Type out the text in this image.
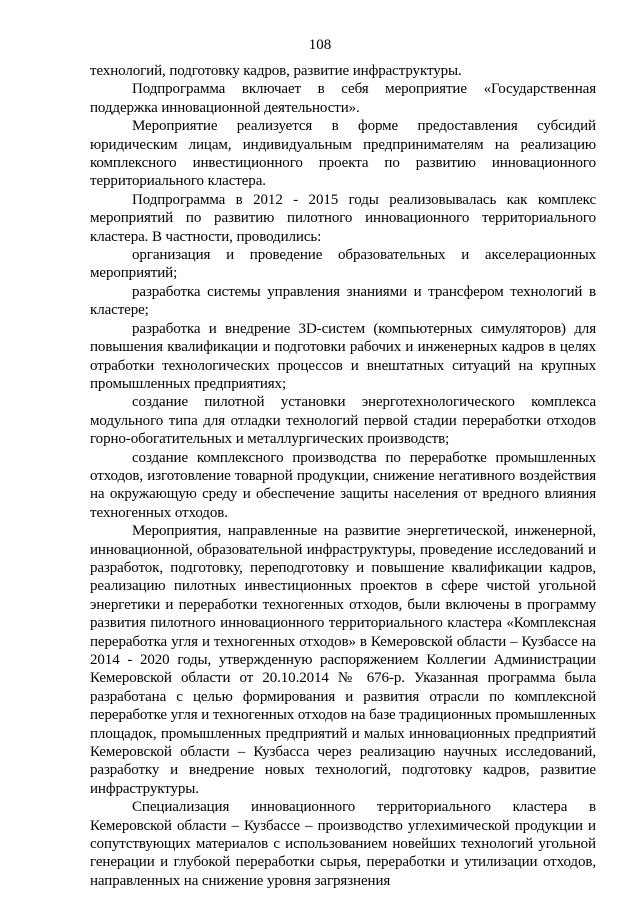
108

технологий, подготовку кадров, развитие инфраструктуры.

Подпрограмма включает в себя мероприятие «Государственная поддержка инновационной деятельности».

Мероприятие реализуется в форме предоставления субсидий юридическим лицам, индивидуальным предпринимателям на реализацию комплексного инвестиционного проекта по развитию инновационного территориального кластера.

Подпрограмма в 2012 - 2015 годы реализовывалась как комплекс мероприятий по развитию пилотного инновационного территориального кластера. В частности, проводились:

организация и проведение образовательных и акселерационных мероприятий;

разработка системы управления знаниями и трансфером технологий в кластере;

разработка и внедрение 3D-систем (компьютерных симуляторов) для повышения квалификации и подготовки рабочих и инженерных кадров в целях отработки технологических процессов и внештатных ситуаций на крупных промышленных предприятиях;

создание пилотной установки энерготехнологического комплекса модульного типа для отладки технологий первой стадии переработки отходов горно-обогатительных и металлургических производств;

создание комплексного производства по переработке промышленных отходов, изготовление товарной продукции, снижение негативного воздействия на окружающую среду и обеспечение защиты населения от вредного влияния техногенных отходов.

Мероприятия, направленные на развитие энергетической, инженерной, инновационной, образовательной инфраструктуры, проведение исследований и разработок, подготовку, переподготовку и повышение квалификации кадров, реализацию пилотных инвестиционных проектов в сфере чистой угольной энергетики и переработки техногенных отходов, были включены в программу развития пилотного инновационного территориального кластера «Комплексная переработка угля и техногенных отходов» в Кемеровской области – Кузбассе на 2014 - 2020 годы, утвержденную распоряжением Коллегии Администрации Кемеровской области от 20.10.2014 № 676-р. Указанная программа была разработана с целью формирования и развития отрасли по комплексной переработке угля и техногенных отходов на базе традиционных промышленных площадок, промышленных предприятий и малых инновационных предприятий Кемеровской области – Кузбасса через реализацию научных исследований, разработку и внедрение новых технологий, подготовку кадров, развитие инфраструктуры.

Специализация инновационного территориального кластера в Кемеровской области – Кузбассе – производство углехимической продукции и сопутствующих материалов с использованием новейших технологий угольной генерации и глубокой переработки сырья, переработки и утилизации отходов, направленных на снижение уровня загрязнения
